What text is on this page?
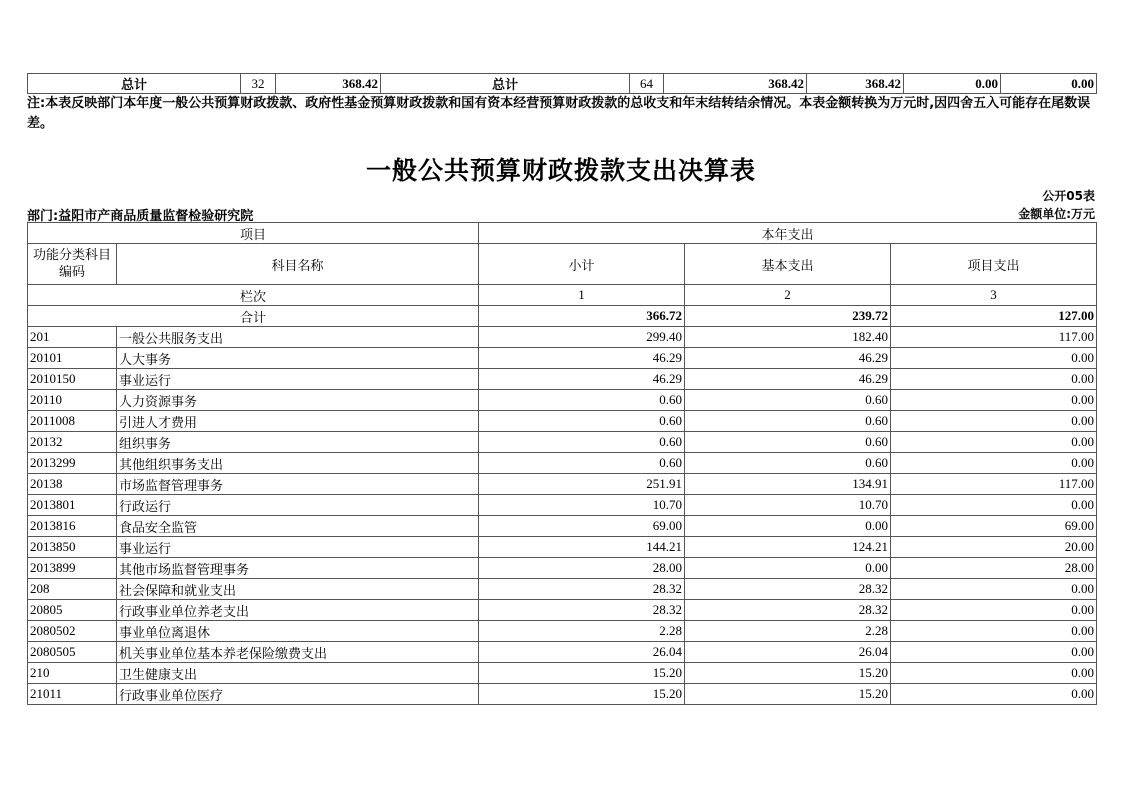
总计	32	368.42	总计	64	368.42	368.42	0.00	0.00
注:本表反映部门本年度一般公共预算财政拨款、政府性基金预算财政拨款和国有资本经营预算财政拨款的总收支和年末结转结余情况。本表金额转换为万元时,因四舍五入可能存在尾数误差。
一般公共预算财政拨款支出决算表
公开05表
部门:益阳市产商品质量监督检验研究院	金额单位:万元
项目		本年支出		
功能分类科目编码	科目名称	小计	基本支出	项目支出
栏次		1	2	3
合计		366.72	239.72	127.00
201	一般公共服务支出	299.40	182.40	117.00
20101	人大事务	46.29	46.29	0.00
2010150	事业运行	46.29	46.29	0.00
20110	人力资源事务	0.60	0.60	0.00
2011008	引进人才费用	0.60	0.60	0.00
20132	组织事务	0.60	0.60	0.00
2013299	其他组织事务支出	0.60	0.60	0.00
20138	市场监督管理事务	251.91	134.91	117.00
2013801	行政运行	10.70	10.70	0.00
2013816	食品安全监管	69.00	0.00	69.00
2013850	事业运行	144.21	124.21	20.00
2013899	其他市场监督管理事务	28.00	0.00	28.00
208	社会保障和就业支出	28.32	28.32	0.00
20805	行政事业单位养老支出	28.32	28.32	0.00
2080502	事业单位离退休	2.28	2.28	0.00
2080505	机关事业单位基本养老保险缴费支出	26.04	26.04	0.00
210	卫生健康支出	15.20	15.20	0.00
21011	行政事业单位医疗	15.20	15.20	0.00
